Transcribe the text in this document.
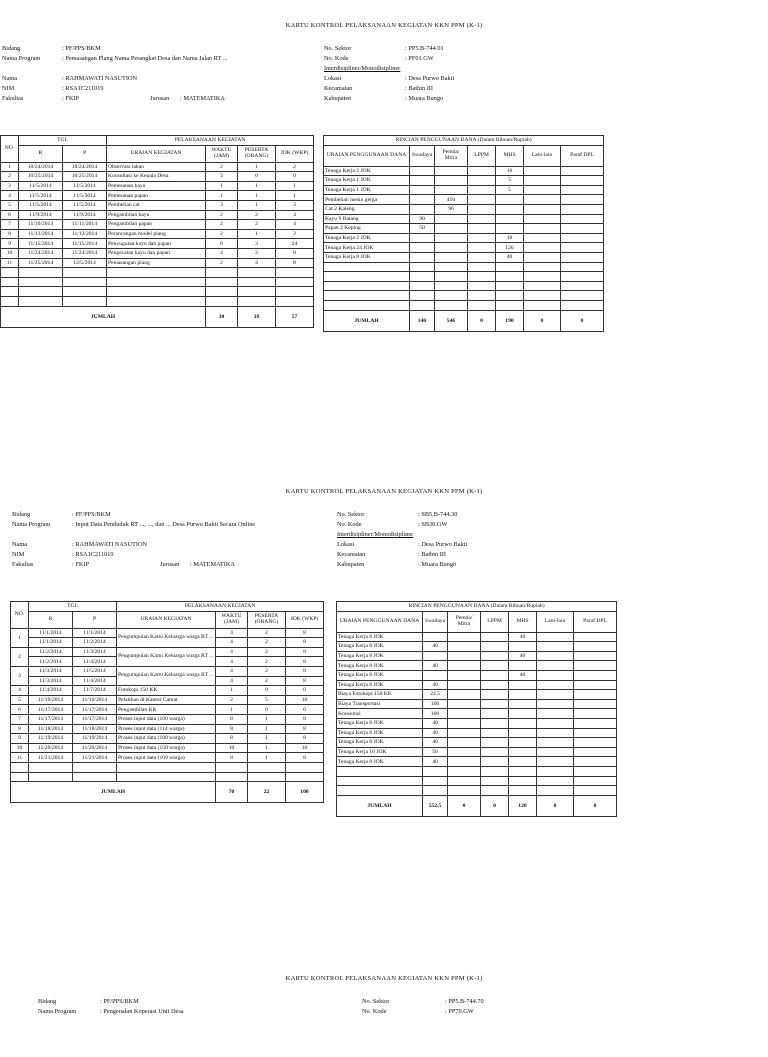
KARTU KONTROL PELAKSANAAN KEGIATAN KKN PPM (K-1)
Bidang	: PF/PPS/BKM
Nama Program	: Pemasangan Plang Nama Perangkat Desa dan Nama Jalan RT ...
Nama	: RAHMAWATI NASUTION
NIM	: RSA1C211019
Fakultas	: FKIP	Jurusan	: MATEMATIKA
No. Sektor	: PP5.B-744.01
No. Kode	: PF01.GW
Interdisipliner/Monodisipliner
Lokasi	: Desa Purwo Bakti
Kecamatan	: Bathin III
Kabupaten	: Muara Bungo
NO.	TGL		PELAKSANAAN KEGIATAN			
	R	P	URAIAN KEGIATAN	WAKTU (JAM)	PESERTA (ORANG)	JOK (WKP)
1	10/24/2014	10/24/2014	Observasi lahan	2	1	2
2	10/25/2014	10/25/2014	Konsultasi ke Kepala Desa	3	0	0
3	11/5/2014	11/5/2014	Pemesanan kayu	1	1	1
4	11/5/2014	11/5/2014	Pemesanan papan	1	1	1
5	11/5/2014	11/5/2014	Pembelian cat	3	1	3
6	11/9/2014	11/9/2014	Pengambilan kayu	2	2	4
7	11/10/2014	11/11/2014	Pengambilan papan	2	2	4
8	11/13/2014	11/13/2014	Perancangan model plang	2	1	2
9	11/15/2014	11/15/2014	Penyugutan kayu dan papan	8	3	24
10	11/24/2014	11/24/2014	Pengecatan kayu dan papan	4	2	8
11	11/25/2014	12/5/2014	Pemasangan plang	2	4	8

JUMLAH				30	18	57
RINCIAN PENGGUNAAN DANA (Dalam Ribuan/Rupiah)						
URAIAN PENGGUNAAN DANA	Swadaya	Pemda/ Mitra	LPPM	MHS	Lain-lain	Paraf DPL
Tenaga Kerja 2 JOK				10		
Tenaga Kerja 1 JOK				5		
Tenaga Kerja 1 JOK				5		
Pembelian mesin gerga		450				
Cat 2 Kaleng		96				
Kayu 9 Batang	90					
Papan 2 Keping	50					
Tenaga Kerja 2 JOK				10		
Tenaga Kerja 24 JOK				120		
Tenaga Kerja 8 JOK				40		

JUMLAH	140	546	0	190	0	0
KARTU KONTROL PELAKSANAAN KEGIATAN KKN PPM (K-1)
Bidang	: PF/PPS/BKM
Nama Program	: Input Data Penduduk RT ..., ..., dan ... Desa Purwo Bakti Secara Online
Nama	: RAHMAWATI NASUTION
NIM	: RSA1C211019
Fakultas	: FKIP	Jurusan	: MATEMATIKA
No. Sektor	: SB5.B-744.30
No. Kode	: SB30.GW
Interdisipliner/Monodisipliner
Lokasi	: Desa Purwo Bakti
Kecamatan	: Bathin III
Kabupaten	: Muara Bungo
NO.	TGL		PELAKSANAAN KEGIATAN			
	R	P	URAIAN KEGIATAN	WAKTU (JAM)	PESERTA (ORANG)	JOK (WKP)
1	11/1/2014	11/1/2014	Pengumpulan Kartu Keluarga warga RT ...	4	2	8
	11/1/2014	11/2/2014		4	2	8
2	11/2/2014	11/3/2014	Pengumpulan Kartu Keluarga warga RT ...	4	2	8
	11/2/2014	11/4/2014		4	2	8
3	11/3/2014	11/5/2014	Pengumpulan Kartu Keluarga warga RT ...	4	2	8
	11/3/2014	11/4/2014		4	2	8
4	11/4/2014	11/7/2014	Fotokopi 150 KK	1	0	0
5	11/10/2014	11/10/2014	Pelatihan di Kantor Camat	2	5	10
6	11/17/2014	11/17/2014	Pengambilan KK	1	0	0
7	11/17/2014	11/17/2014	Proses input data (100 warga)	8	1	8
8	11/18/2014	11/18/2014	Proses input data (114 warga)	8	1	8
9	11/19/2014	11/19/2014	Proses input data (100 warga)	8	1	8
10	11/20/2014	11/20/2014	Proses input data (150 warga)	10	1	10
11	11/21/2014	11/21/2014	Proses input data (109 warga)	8	1	8

JUMLAH				70	22	100
RINCIAN PENGGUNAAN DANA (Dalam Ribuan/Rupiah)						
URAIAN PENGGUNAAN DANA	Swadaya	Pemda/ Mitra	LPPM	MHS	Lain-lain	Paraf DPL
Tenaga Kerja 8 JOK				40		
Tenaga Kerja 8 JOK	40					
Tenaga Kerja 8 JOK				40		
Tenaga Kerja 8 JOK	40					
Tenaga Kerja 8 JOK				40		
Tenaga Kerja 8 JOK	40					
Biaya Fotokopi 150 KK	22.5					
Biaya Transportasi	100					
Konsumsi	100					
Tenaga Kerja 8 JOK	40					
Tenaga Kerja 8 JOK	40					
Tenaga Kerja 8 JOK	40					
Tenaga Kerja 10 JOK	50					
Tenaga Kerja 8 JOK	40					

JUMLAH	552.5	0	0	120	0	0
KARTU KONTROL PELAKSANAAN KEGIATAN KKN PPM (K-1)
Bidang	: PF/PPS/BKM
Nama Program	: Pengenalan Koperasi Unit Desa
No. Sektor	: PP5.B-744.70
No. Kode	: PP70.GW
